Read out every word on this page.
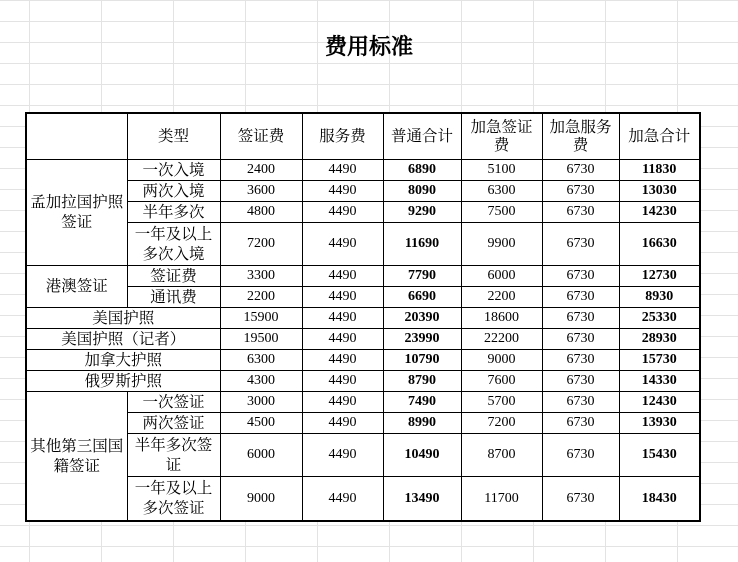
费用标准
	类型	签证费	服务费	普通合计	加急签证费	加急服务费	加急合计
孟加拉国护照签证	一次入境	2400	4490	6890	5100	6730	11830
	两次入境	3600	4490	8090	6300	6730	13030
	半年多次	4800	4490	9290	7500	6730	14230
	一年及以上多次入境	7200	4490	11690	9900	6730	16630
港澳签证	签证费	3300	4490	7790	6000	6730	12730
	通讯费	2200	4490	6690	2200	6730	8930
美国护照		15900	4490	20390	18600	6730	25330
美国护照（记者）		19500	4490	23990	22200	6730	28930
加拿大护照		6300	4490	10790	9000	6730	15730
俄罗斯护照		4300	4490	8790	7600	6730	14330
其他第三国国籍签证	一次签证	3000	4490	7490	5700	6730	12430
	两次签证	4500	4490	8990	7200	6730	13930
	半年多次签证	6000	4490	10490	8700	6730	15430
	一年及以上多次签证	9000	4490	13490	11700	6730	18430
